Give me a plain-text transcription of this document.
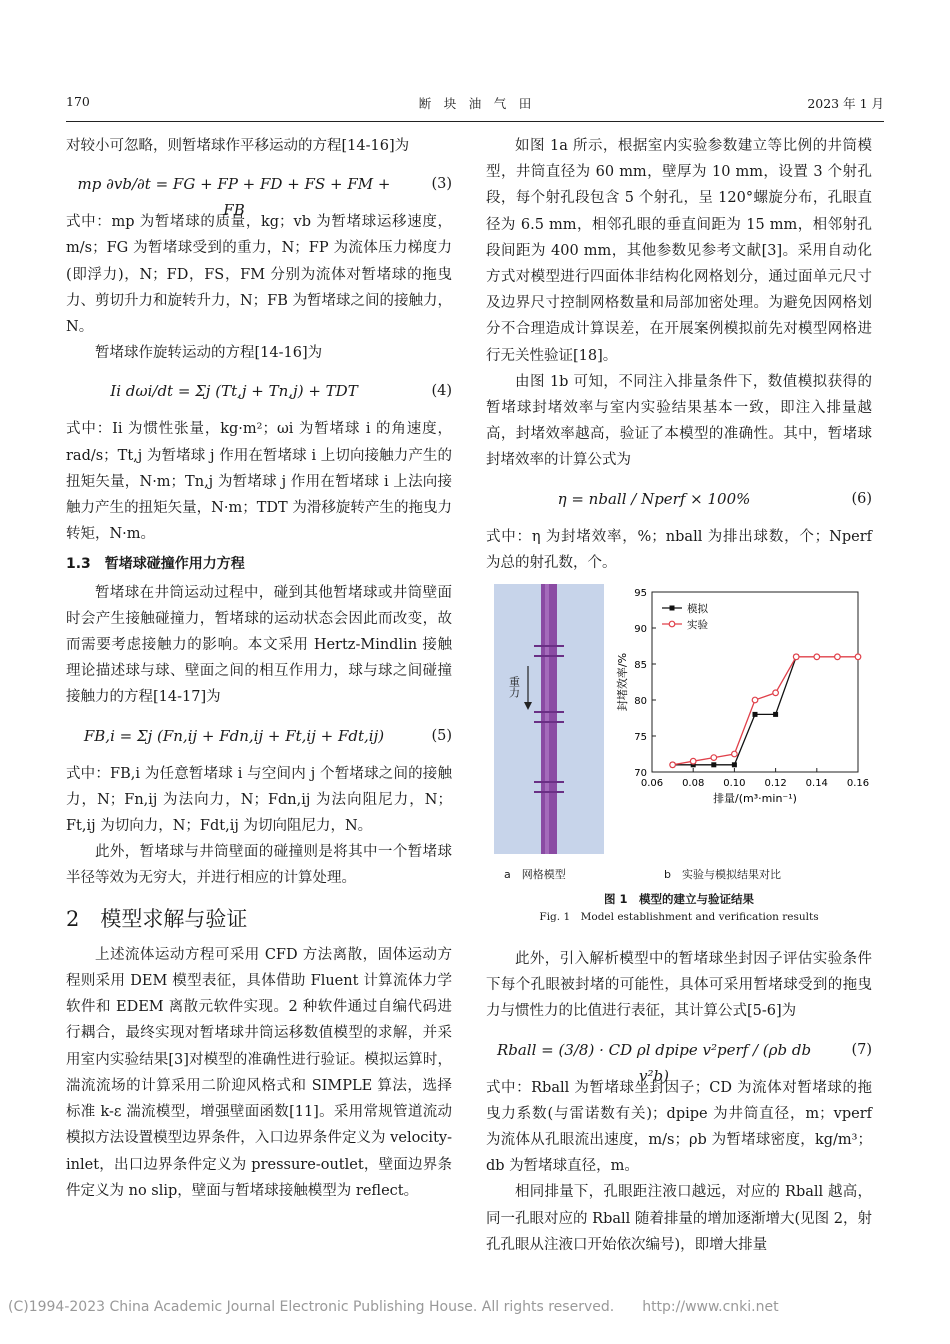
170	断　块　油　气　田	2023 年 1 月

对较小可忽略，则暂堵球作平移运动的方程[14-16]为

mp ∂vb/∂t = FG + FP + FD + FS + FM + FB
(3)

式中：mp 为暂堵球的质量，kg；vb 为暂堵球运移速度，m/s；FG 为暂堵球受到的重力，N；FP 为流体压力梯度力(即浮力)，N；FD，FS，FM 分别为流体对暂堵球的拖曳力、剪切升力和旋转升力，N；FB 为暂堵球之间的接触力，N。

暂堵球作旋转运动的方程[14-16]为

Ii dωi/dt = Σj (Tt,j + Tn,j) + TDT	(4)

式中：Ii 为惯性张量，kg·m²；ωi 为暂堵球 i 的角速度，rad/s；Tt,j 为暂堵球 j 作用在暂堵球 i 上切向接触力产生的扭矩矢量，N·m；Tn,j 为暂堵球 j 作用在暂堵球 i 上法向接触力产生的扭矩矢量，N·m；TDT 为滑移旋转产生的拖曳力转矩，N·m。

1.3　暂堵球碰撞作用力方程

暂堵球在井筒运动过程中，碰到其他暂堵球或井筒壁面时会产生接触碰撞力，暂堵球的运动状态会因此而改变，故而需要考虑接触力的影响。本文采用 Hertz-Mindlin 接触理论描述球与球、壁面之间的相互作用力，球与球之间碰撞接触力的方程[14-17]为

FB,i = Σj (Fn,ij + Fdn,ij + Ft,ij + Fdt,ij)	(5)

式中：FB,i 为任意暂堵球 i 与空间内 j 个暂堵球之间的接触力，N；Fn,ij 为法向力，N；Fdn,ij 为法向阻尼力，N；Ft,ij 为切向力，N；Fdt,ij 为切向阻尼力，N。

此外，暂堵球与井筒壁面的碰撞则是将其中一个暂堵球半径等效为无穷大，并进行相应的计算处理。

2　模型求解与验证

上述流体运动方程可采用 CFD 方法离散，固体运动方程则采用 DEM 模型表征，具体借助 Fluent 计算流体力学软件和 EDEM 离散元软件实现。2 种软件通过自编代码进行耦合，最终实现对暂堵球井筒运移数值模型的求解，并采用室内实验结果[3]对模型的准确性进行验证。模拟运算时，湍流流场的计算采用二阶迎风格式和 SIMPLE 算法，选择标准 k-ε 湍流模型，增强壁面函数[11]。采用常规管道流动模拟方法设置模型边界条件，入口边界条件定义为 velocity-inlet，出口边界条件定义为 pressure-outlet，壁面边界条件定义为 no slip，壁面与暂堵球接触模型为 reflect。

如图 1a 所示，根据室内实验参数建立等比例的井筒模型，井筒直径为 60 mm，壁厚为 10 mm，设置 3 个射孔段，每个射孔段包含 5 个射孔，呈 120°螺旋分布，孔眼直径为 6.5 mm，相邻孔眼的垂直间距为 15 mm，相邻射孔段间距为 400 mm，其他参数见参考文献[3]。采用自动化方式对模型进行四面体非结构化网格划分，通过面单元尺寸及边界尺寸控制网格数量和局部加密处理。为避免因网格划分不合理造成计算误差，在开展案例模拟前先对模型网格进行无关性验证[18]。

由图 1b 可知，不同注入排量条件下，数值模拟获得的暂堵球封堵效率与室内实验结果基本一致，即注入排量越高，封堵效率越高，验证了本模型的准确性。其中，暂堵球封堵效率的计算公式为

η = nball / Nperf × 100%	(6)

式中：η 为封堵效率，%；nball 为排出球数，个；Nperf 为总的射孔数，个。

重力
a　网格模型
0.06 0.08 0.10 0.12 0.14 0.16
70
75
80
85
90
95
模拟
实验
排量/(m³·min⁻¹)
封堵效率/%
b　实验与模拟结果对比
图 1　模型的建立与验证结果
Fig. 1　Model establishment and verification results

此外，引入解析模型中的暂堵球坐封因子评估实验条件下每个孔眼被封堵的可能性，具体可采用暂堵球受到的拖曳力与惯性力的比值进行表征，其计算公式[5-6]为

Rball = (3/8) · CD ρl dpipe v²perf / (ρb db v²b)
(7)

式中：Rball 为暂堵球坐封因子；CD 为流体对暂堵球的拖曳力系数(与雷诺数有关)；dpipe 为井筒直径，m；vperf 为流体从孔眼流出速度，m/s；ρb 为暂堵球密度，kg/m³；db 为暂堵球直径，m。

相同排量下，孔眼距注液口越远，对应的 Rball 越高，同一孔眼对应的 Rball 随着排量的增加逐渐增大(见图 2，射孔孔眼从注液口开始依次编号)，即增大排量

(C)1994-2023 China Academic Journal Electronic Publishing House. All rights reserved.　　http://www.cnki.net
